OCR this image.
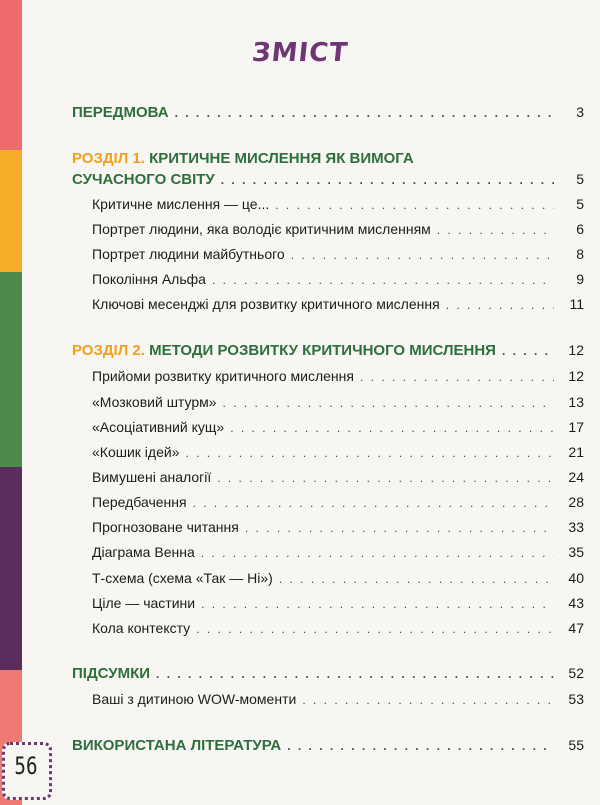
56
ЗМІСТ
ПЕРЕДМОВА . . .	3
РОЗДІЛ 1. КРИТИЧНЕ МИСЛЕННЯ ЯК ВИМОГА
СУЧАСНОГО СВІТУ . . .	5
Критичне мислення — це... . . .	5
Портрет людини, яка володіє критичним мисленням . . .	6
Портрет людини майбутнього . . .	8
Покоління Альфа . . .	9
Ключові месенджі для розвитку критичного мислення . . .	11
РОЗДІЛ 2. МЕТОДИ РОЗВИТКУ КРИТИЧНОГО МИСЛЕННЯ . . .	12
Прийоми розвитку критичного мислення . . .	12
«Мозковий штурм» . . .	13
«Асоціативний кущ» . . .	17
«Кошик ідей» . . .	21
Вимушені аналогії . . .	24
Передбачення . . .	28
Прогнозоване читання . . .	33
Діаграма Венна . . .	35
Т-схема (схема «Так — Ні») . . .	40
Ціле — частини . . .	43
Кола контексту . . .	47
ПІДСУМКИ . . .	52
Ваші з дитиною WOW-моменти . . .	53
ВИКОРИСТАНА ЛІТЕРАТУРА . . .	55
